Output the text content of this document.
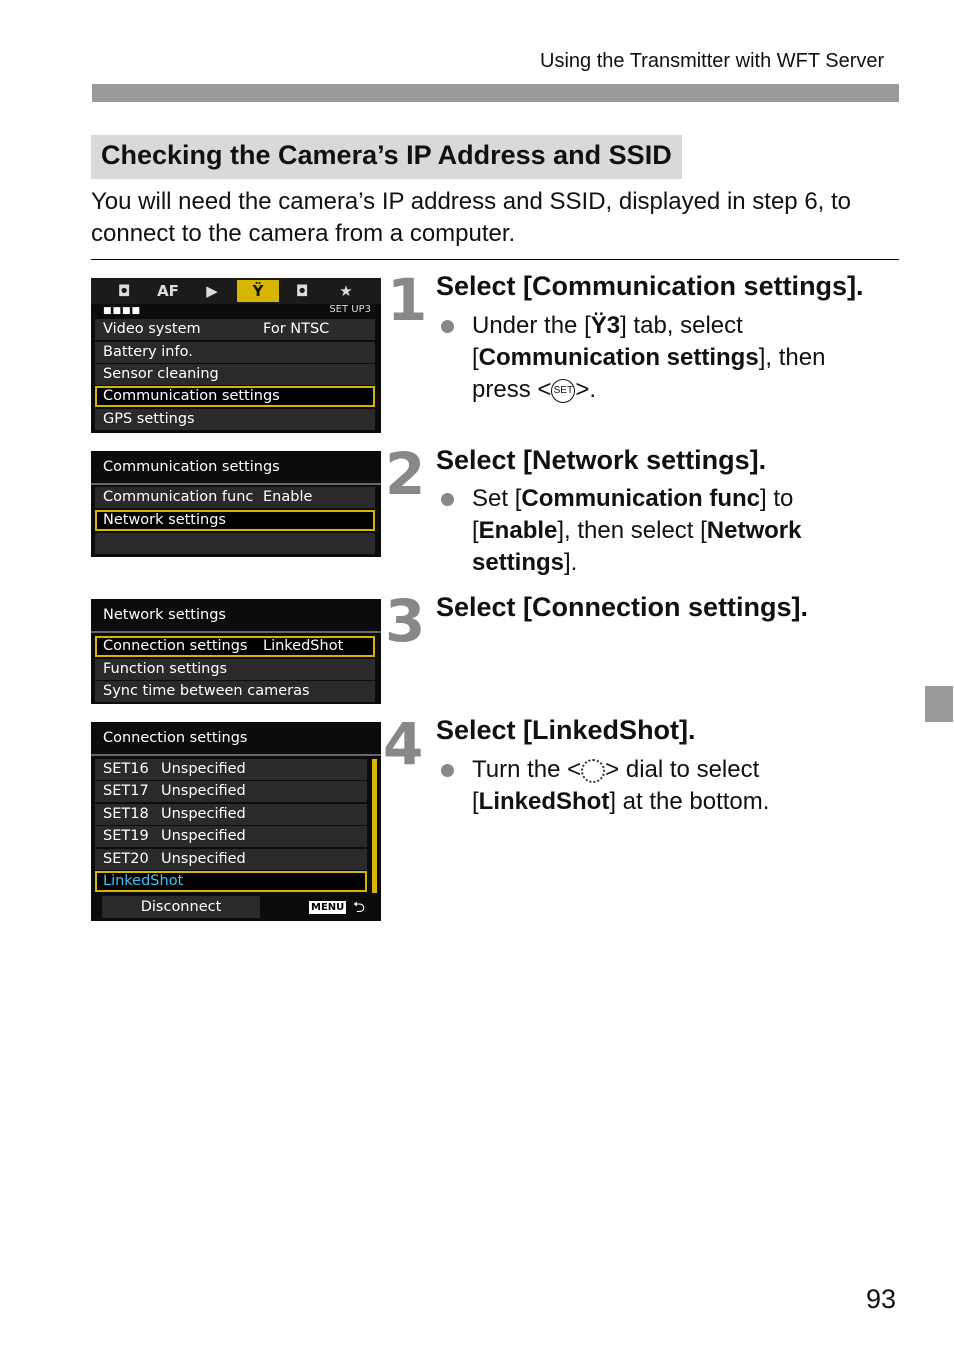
Using the Transmitter with WFT Server
Checking the Camera’s IP Address and SSID
You will need the camera’s IP address and SSID, displayed in step 6, to connect to the camera from a computer.
◘	AF	▶	Ÿ	◘	★
■■■■	SET UP3
Video system	For NTSC
Battery info.
Sensor cleaning
Communication settings
GPS settings
Communication settings
Communication func Enable
Network settings
Network settings
Connection settings LinkedShot
Function settings
Sync time between cameras
Connection settings
SET16 Unspecified
SET17 Unspecified
SET18 Unspecified
SET19 Unspecified
SET20 Unspecified
LinkedShot
Disconnect	MENU ⮌
1 Select [Communication settings].
Under the [Ÿ3] tab, select [Communication settings], then press < SET>.
2 Select [Network settings].
Set [Communication func] to [Enable], then select [Network settings].
3 Select [Connection settings].
4 Select [LinkedShot].
Turn the < > dial to select [LinkedShot] at the bottom.
93
